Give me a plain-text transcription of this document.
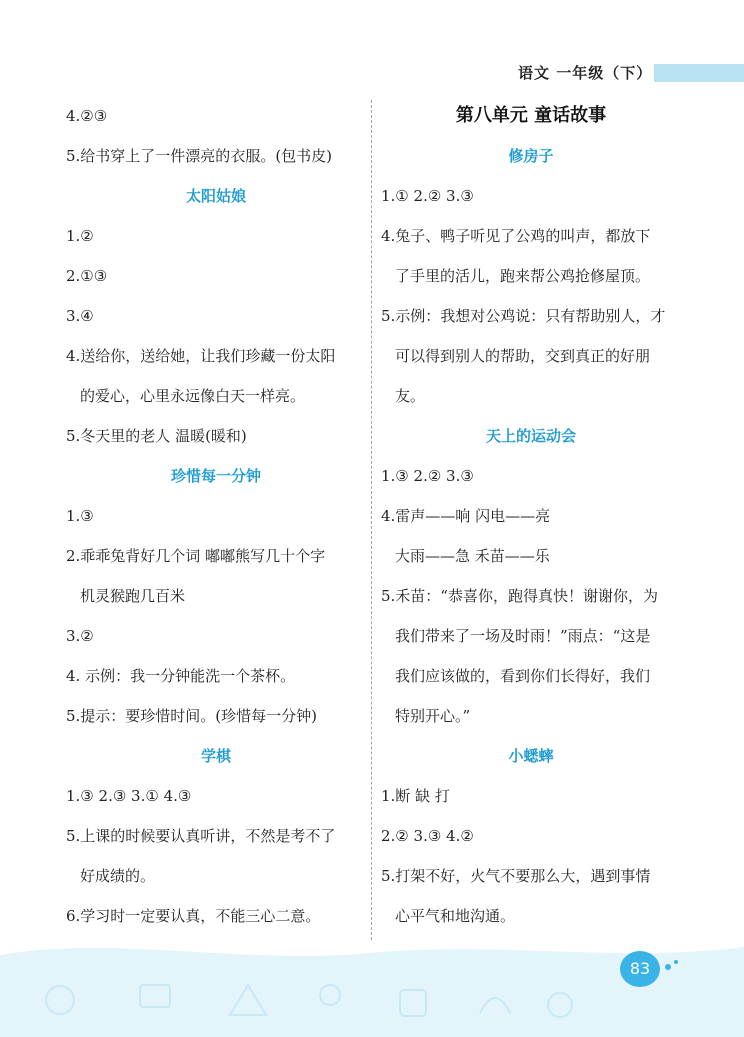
语文 一年级（下）
4.②③
5.给书穿上了一件漂亮的衣服。(包书皮)
太阳姑娘
1.②
2.①③
3.④
4.送给你，送给她，让我们珍藏一份太阳
的爱心，心里永远像白天一样亮。
5.冬天里的老人 温暖(暖和)
珍惜每一分钟
1.③
2.乖乖兔背好几个词 嘟嘟熊写几十个字
机灵猴跑几百米
3.②
4. 示例：我一分钟能洗一个茶杯。
5.提示：要珍惜时间。(珍惜每一分钟)
学棋
1.③ 2.③ 3.① 4.③
5.上课的时候要认真听讲，不然是考不了
好成绩的。
6.学习时一定要认真，不能三心二意。
第八单元 童话故事
修房子
1.① 2.② 3.③
4.兔子、鸭子听见了公鸡的叫声，都放下
了手里的活儿，跑来帮公鸡抢修屋顶。
5.示例：我想对公鸡说：只有帮助别人，才
可以得到别人的帮助，交到真正的好朋
友。
天上的运动会
1.③ 2.② 3.③
4.雷声——响 闪电——亮
大雨——急 禾苗——乐
5.禾苗：“恭喜你，跑得真快！谢谢你，为
我们带来了一场及时雨！”雨点：“这是
我们应该做的，看到你们长得好，我们
特别开心。”
小蟋蟀
1.断 缺 打
2.② 3.③ 4.②
5.打架不好，火气不要那么大，遇到事情
心平气和地沟通。
83
